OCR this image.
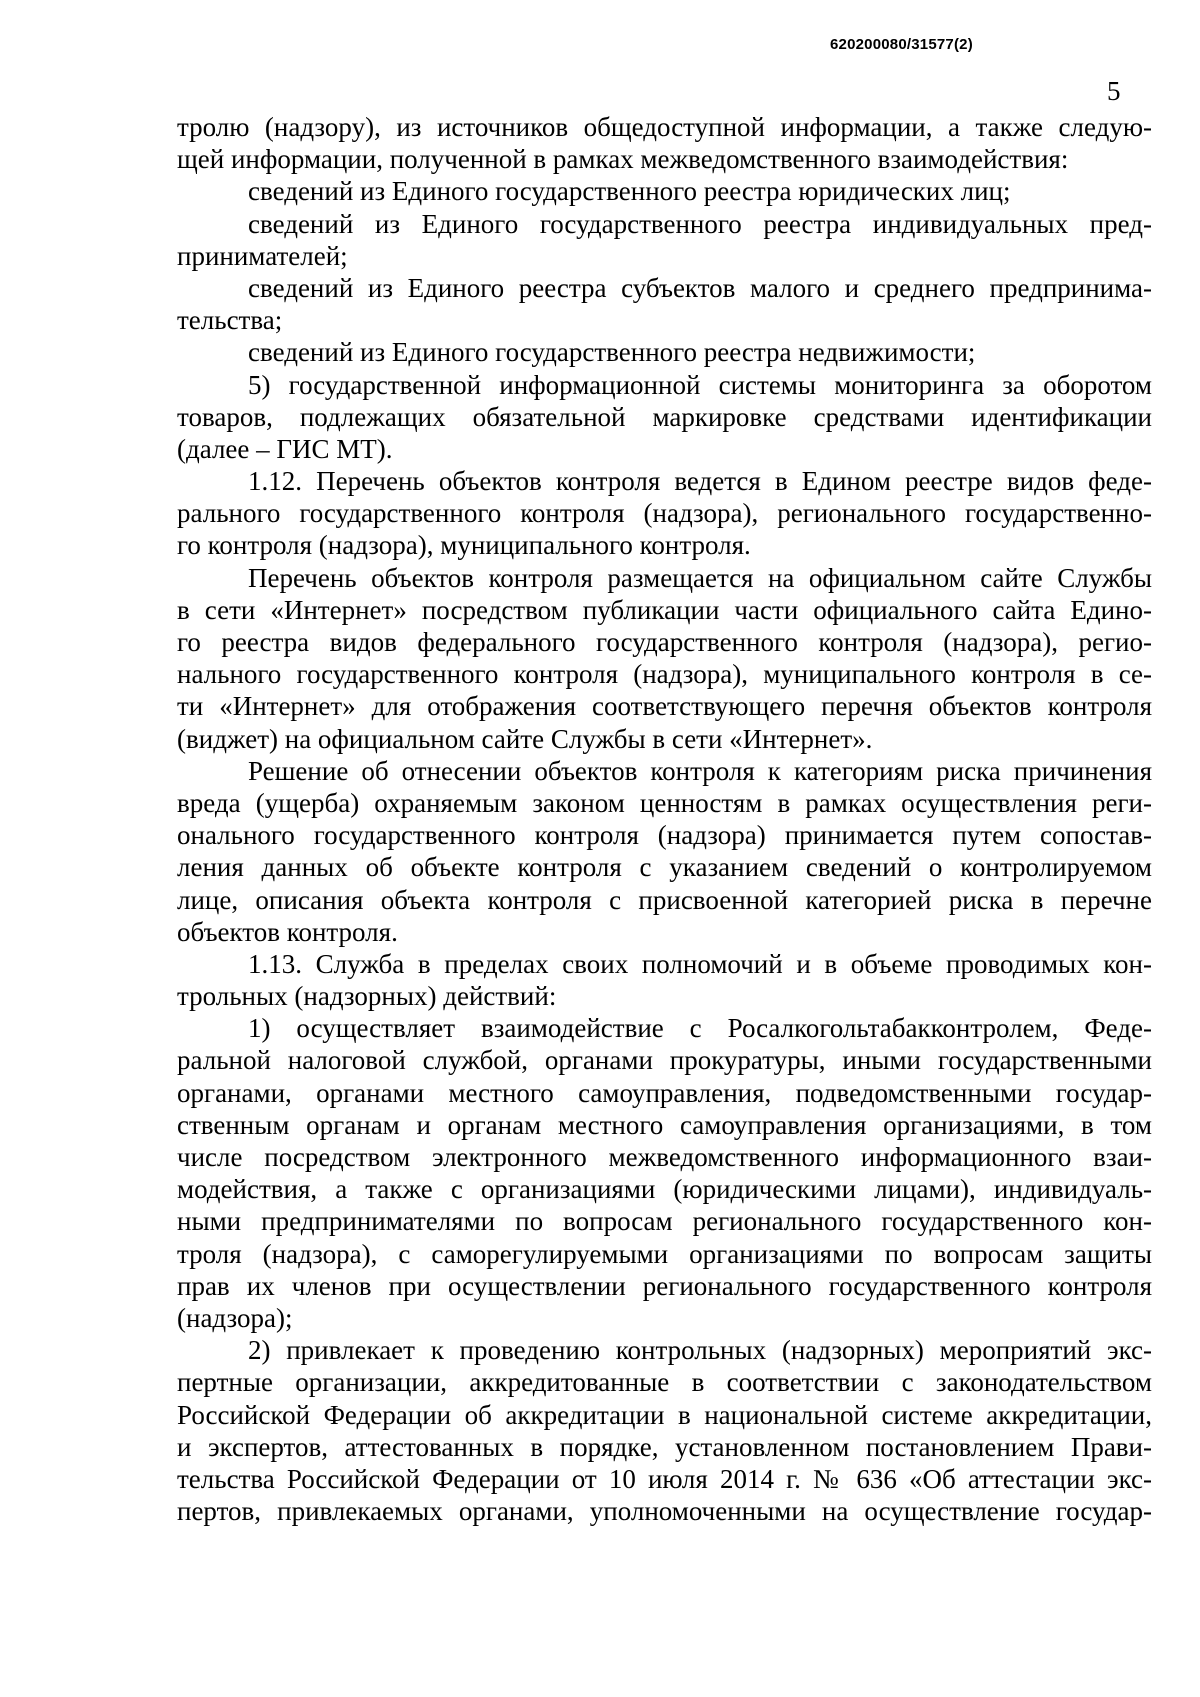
620200080/31577(2)
5
тролю (надзору), из источников общедоступной информации, а также следую-
щей информации, полученной в рамках межведомственного взаимодействия:
сведений из Единого государственного реестра юридических лиц;
сведений из Единого государственного реестра индивидуальных пред-
принимателей;
сведений из Единого реестра субъектов малого и среднего предпринима-
тельства;
сведений из Единого государственного реестра недвижимости;
5) государственной информационной системы мониторинга за оборотом
товаров, подлежащих обязательной маркировке средствами идентификации
(далее – ГИС МТ).
1.12. Перечень объектов контроля ведется в Едином реестре видов феде-
рального государственного контроля (надзора), регионального государственно-
го контроля (надзора), муниципального контроля.
Перечень объектов контроля размещается на официальном сайте Службы
в сети «Интернет» посредством публикации части официального сайта Едино-
го реестра видов федерального государственного контроля (надзора), регио-
нального государственного контроля (надзора), муниципального контроля в се-
ти «Интернет» для отображения соответствующего перечня объектов контроля
(виджет) на официальном сайте Службы в сети «Интернет».
Решение об отнесении объектов контроля к категориям риска причинения
вреда (ущерба) охраняемым законом ценностям в рамках осуществления реги-
онального государственного контроля (надзора) принимается путем сопостав-
ления данных об объекте контроля с указанием сведений о контролируемом
лице, описания объекта контроля с присвоенной категорией риска в перечне
объектов контроля.
1.13. Служба в пределах своих полномочий и в объеме проводимых кон-
трольных (надзорных) действий:
1) осуществляет взаимодействие с Росалкогольтабакконтролем, Феде-
ральной налоговой службой, органами прокуратуры, иными государственными
органами, органами местного самоуправления, подведомственными государ-
ственным органам и органам местного самоуправления организациями, в том
числе посредством электронного межведомственного информационного взаи-
модействия, а также с организациями (юридическими лицами), индивидуаль-
ными предпринимателями по вопросам регионального государственного кон-
троля (надзора), с саморегулируемыми организациями по вопросам защиты
прав их членов при осуществлении регионального государственного контроля
(надзора);
2) привлекает к проведению контрольных (надзорных) мероприятий экс-
пертные организации, аккредитованные в соответствии с законодательством
Российской Федерации об аккредитации в национальной системе аккредитации,
и экспертов, аттестованных в порядке, установленном постановлением Прави-
тельства Российской Федерации от 10 июля 2014 г. № 636 «Об аттестации экс-
пертов, привлекаемых органами, уполномоченными на осуществление государ-
